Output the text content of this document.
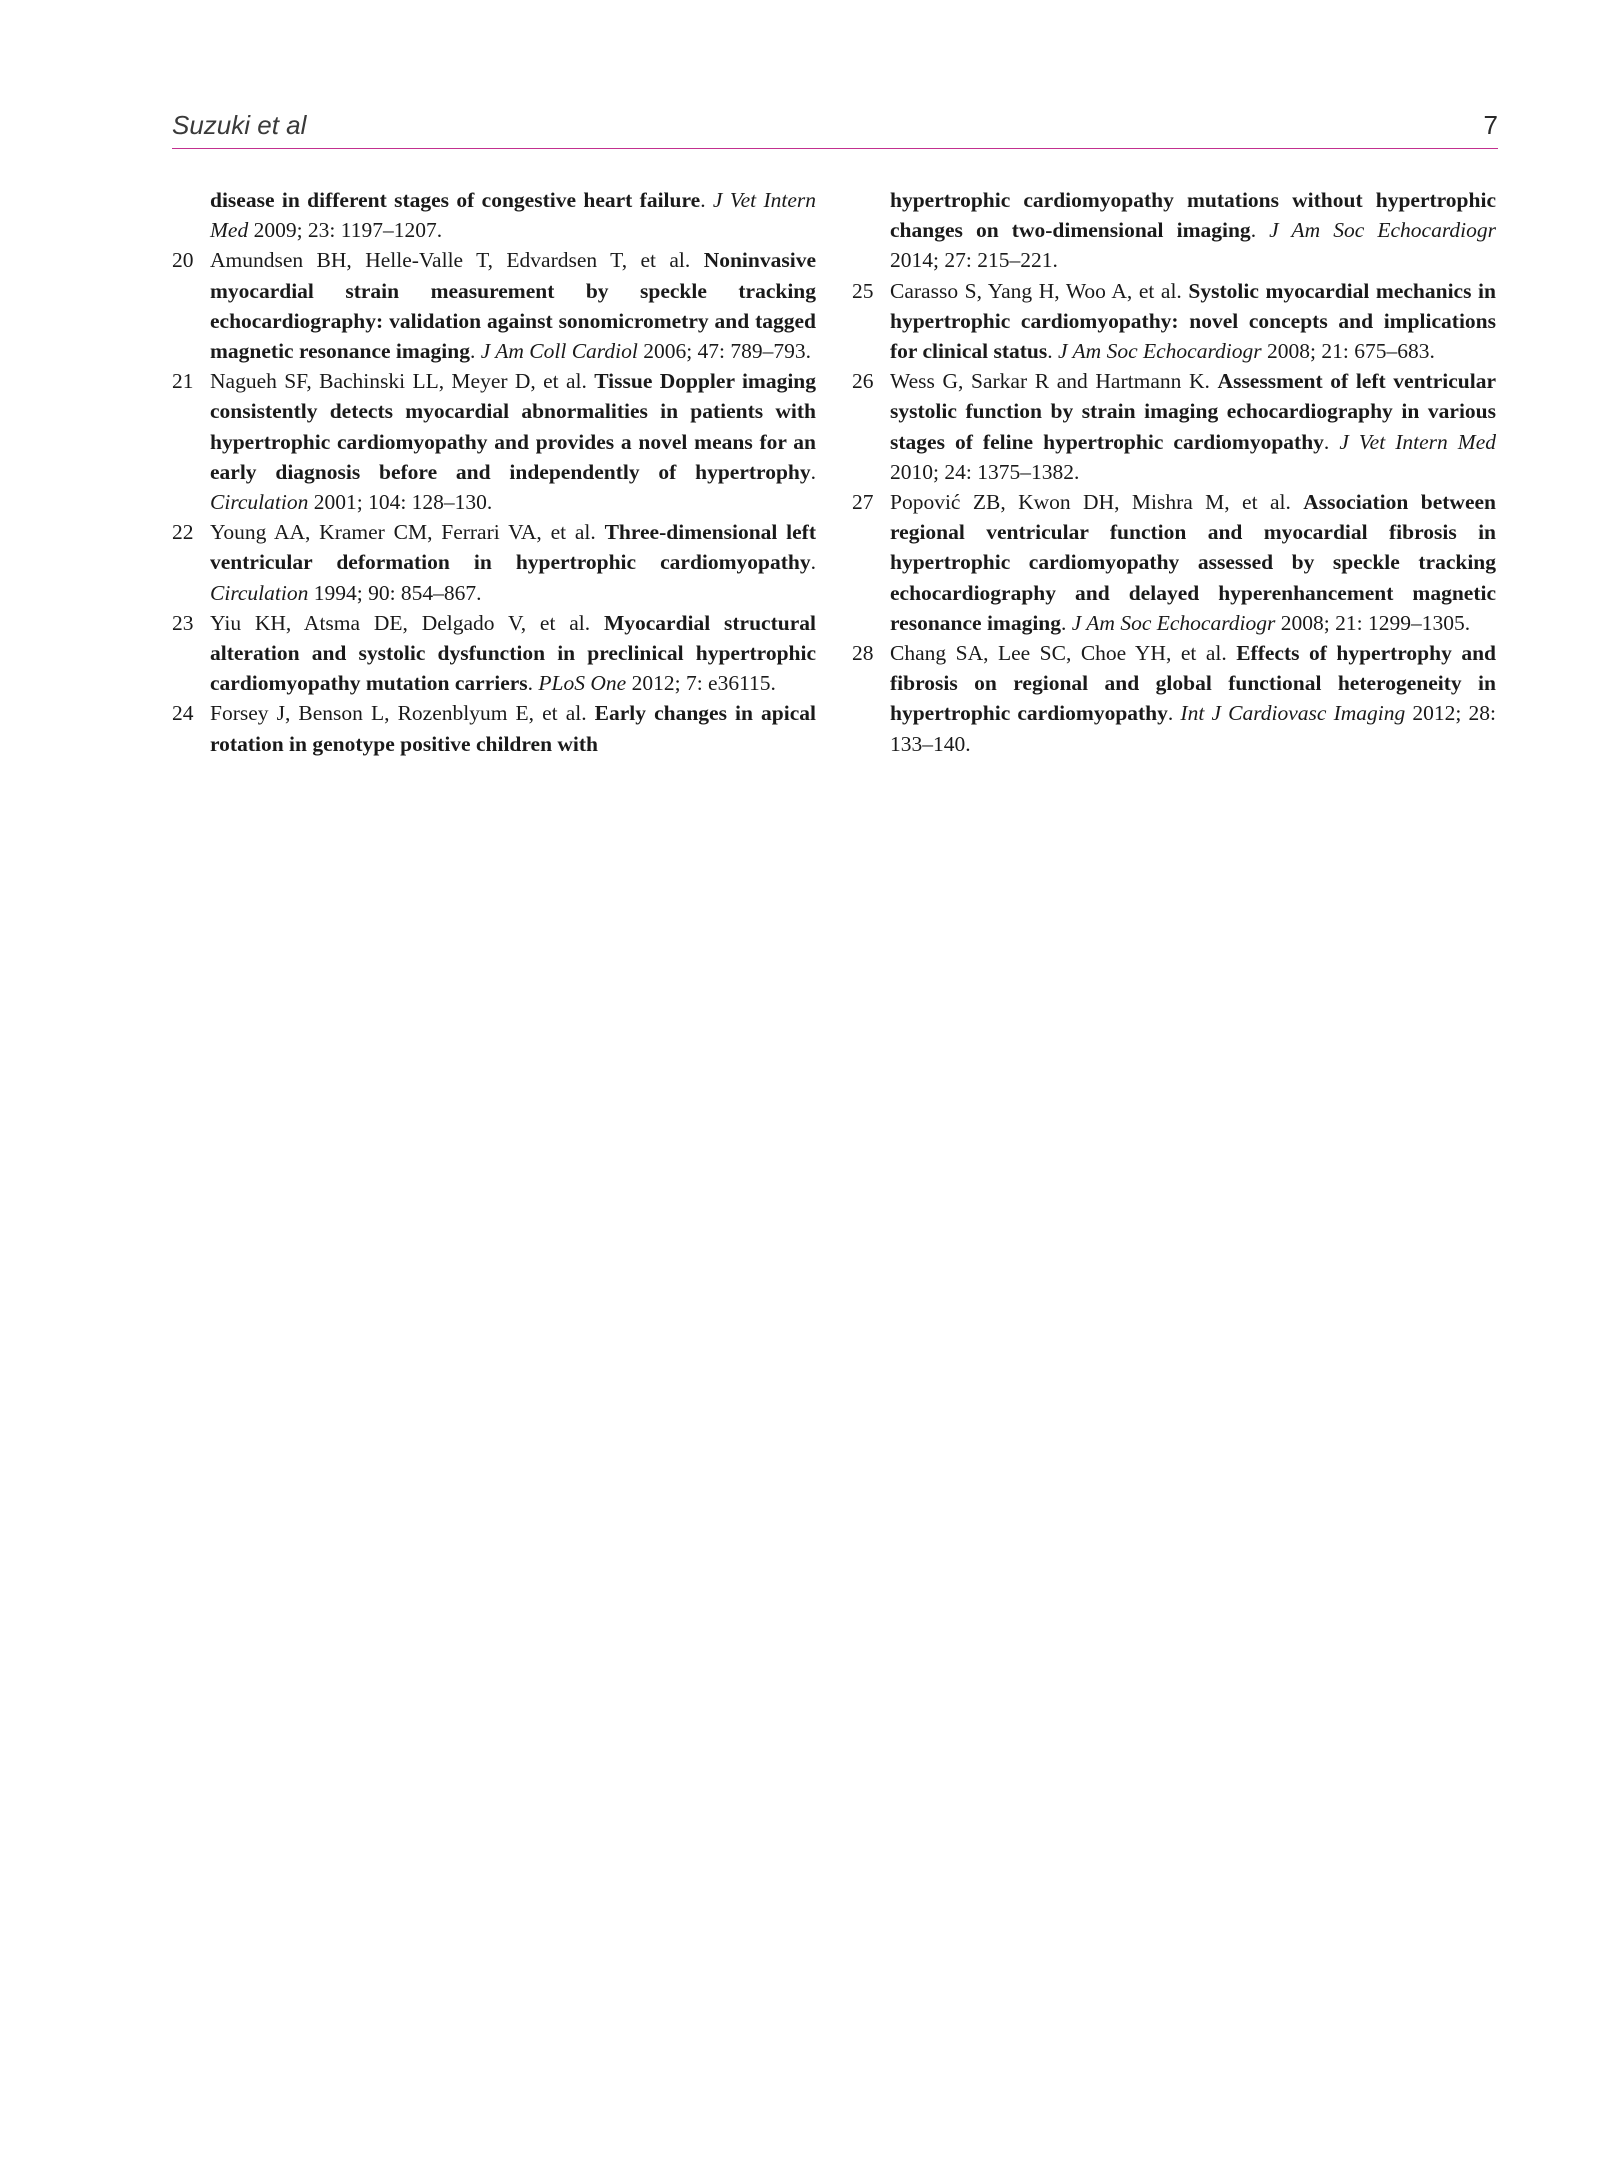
Suzuki et al	7
disease in different stages of congestive heart failure. J Vet Intern Med 2009; 23: 1197–1207.
20 Amundsen BH, Helle-Valle T, Edvardsen T, et al. Noninvasive myocardial strain measurement by speckle tracking echocardiography: validation against sonomicrometry and tagged magnetic resonance imaging. J Am Coll Cardiol 2006; 47: 789–793.
21 Nagueh SF, Bachinski LL, Meyer D, et al. Tissue Doppler imaging consistently detects myocardial abnormalities in patients with hypertrophic cardiomyopathy and provides a novel means for an early diagnosis before and independently of hypertrophy. Circulation 2001; 104: 128–130.
22 Young AA, Kramer CM, Ferrari VA, et al. Three-dimensional left ventricular deformation in hypertrophic cardiomyopathy. Circulation 1994; 90: 854–867.
23 Yiu KH, Atsma DE, Delgado V, et al. Myocardial structural alteration and systolic dysfunction in preclinical hypertrophic cardiomyopathy mutation carriers. PLoS One 2012; 7: e36115.
24 Forsey J, Benson L, Rozenblyum E, et al. Early changes in apical rotation in genotype positive children with
hypertrophic cardiomyopathy mutations without hypertrophic changes on two-dimensional imaging. J Am Soc Echocardiogr 2014; 27: 215–221.
25 Carasso S, Yang H, Woo A, et al. Systolic myocardial mechanics in hypertrophic cardiomyopathy: novel concepts and implications for clinical status. J Am Soc Echocardiogr 2008; 21: 675–683.
26 Wess G, Sarkar R and Hartmann K. Assessment of left ventricular systolic function by strain imaging echocardiography in various stages of feline hypertrophic cardiomyopathy. J Vet Intern Med 2010; 24: 1375–1382.
27 Popović ZB, Kwon DH, Mishra M, et al. Association between regional ventricular function and myocardial fibrosis in hypertrophic cardiomyopathy assessed by speckle tracking echocardiography and delayed hyperenhancement magnetic resonance imaging. J Am Soc Echocardiogr 2008; 21: 1299–1305.
28 Chang SA, Lee SC, Choe YH, et al. Effects of hypertrophy and fibrosis on regional and global functional heterogeneity in hypertrophic cardiomyopathy. Int J Cardiovasc Imaging 2012; 28: 133–140.
